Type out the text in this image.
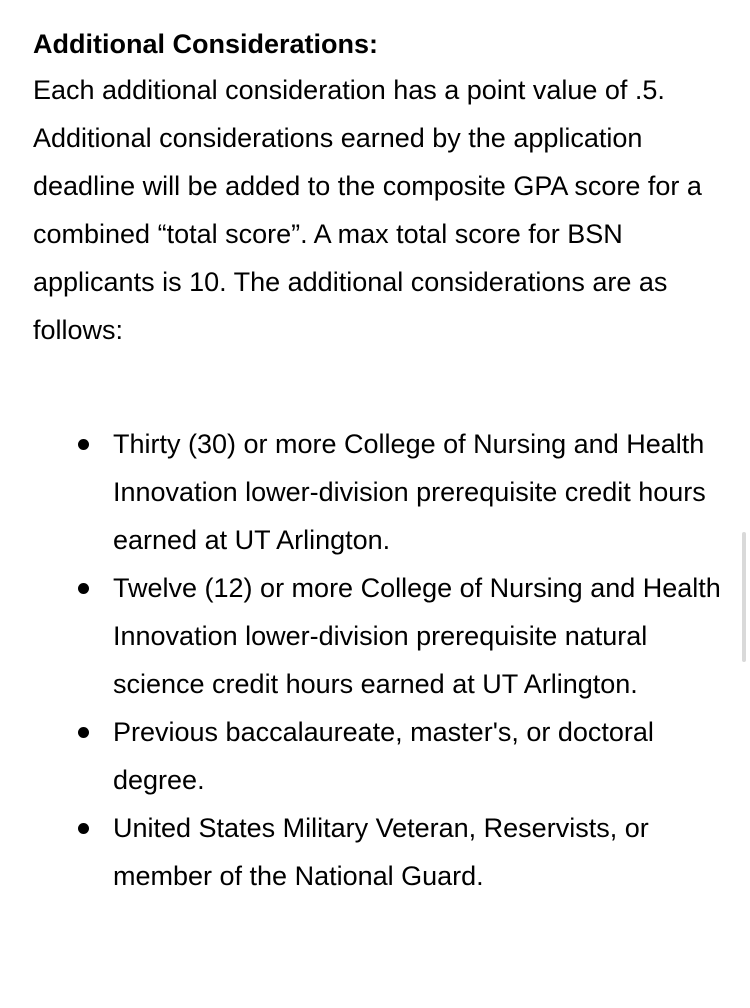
Additional Considerations:

Each additional consideration has a point value of .5. Additional considerations earned by the application deadline will be added to the composite GPA score for a combined “total score”. A max total score for BSN applicants is 10. The additional considerations are as follows:

Thirty (30) or more College of Nursing and Health Innovation lower-division prerequisite credit hours earned at UT Arlington.
Twelve (12) or more College of Nursing and Health Innovation lower-division prerequisite natural science credit hours earned at UT Arlington.
Previous baccalaureate, master's, or doctoral degree.
United States Military Veteran, Reservists, or member of the National Guard.
